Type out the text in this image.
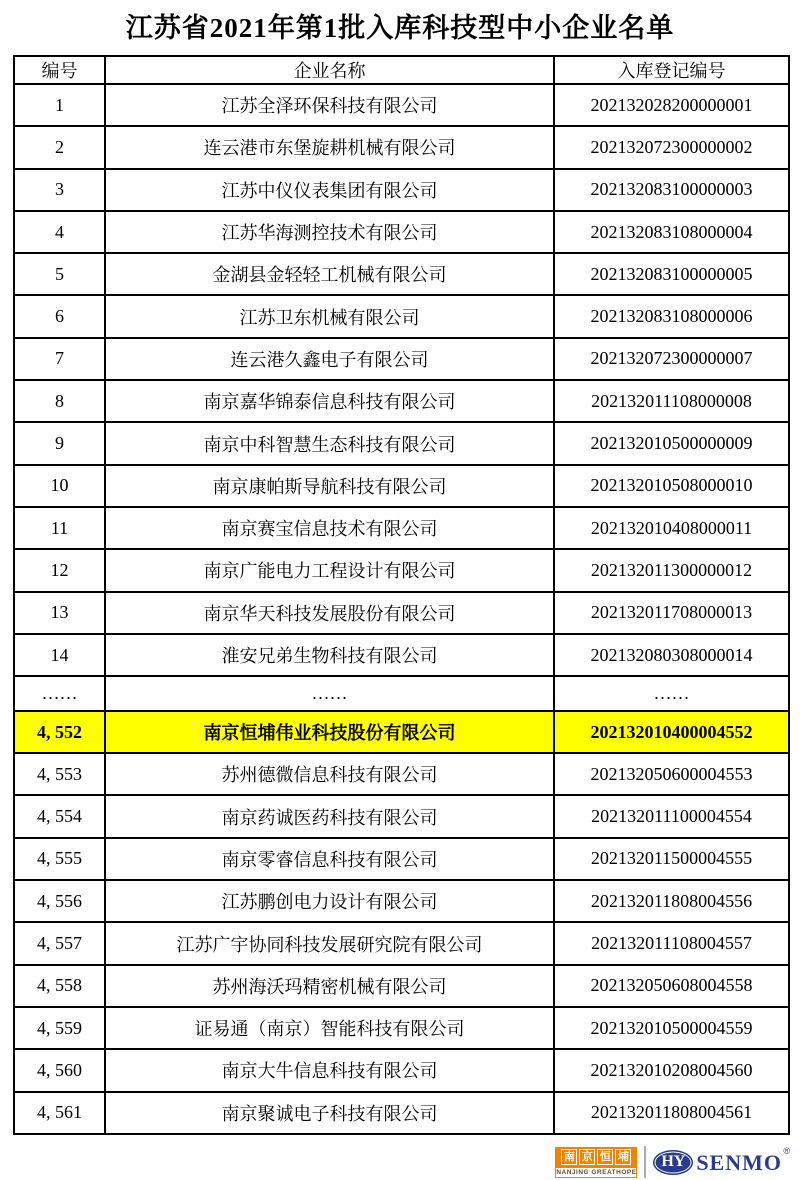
江苏省2021年第1批入库科技型中小企业名单
编号	企业名称	入库登记编号
1	江苏全泽环保科技有限公司	202132028200000001
2	连云港市东堡旋耕机械有限公司	202132072300000002
3	江苏中仪仪表集团有限公司	202132083100000003
4	江苏华海测控技术有限公司	202132083108000004
5	金湖县金轻轻工机械有限公司	202132083100000005
6	江苏卫东机械有限公司	202132083108000006
7	连云港久鑫电子有限公司	202132072300000007
8	南京嘉华锦泰信息科技有限公司	202132011108000008
9	南京中科智慧生态科技有限公司	202132010500000009
10	南京康帕斯导航科技有限公司	202132010508000010
11	南京赛宝信息技术有限公司	202132010408000011
12	南京广能电力工程设计有限公司	202132011300000012
13	南京华天科技发展股份有限公司	202132011708000013
14	淮安兄弟生物科技有限公司	202132080308000014
……	……	……
4, 552	南京恒埔伟业科技股份有限公司	202132010400004552
4, 553	苏州德微信息科技有限公司	202132050600004553
4, 554	南京药诚医药科技有限公司	202132011100004554
4, 555	南京零睿信息科技有限公司	202132011500004555
4, 556	江苏鹏创电力设计有限公司	202132011808004556
4, 557	江苏广宇协同科技发展研究院有限公司	202132011108004557
4, 558	苏州海沃玛精密机械有限公司	202132050608004558
4, 559	证易通（南京）智能科技有限公司	202132010500004559
4, 560	南京大牛信息科技有限公司	202132010208004560
4, 561	南京聚诚电子科技有限公司	202132011808004561
南 京 恒 埔
NANJING GREATHOPE
HY SENMO ®
